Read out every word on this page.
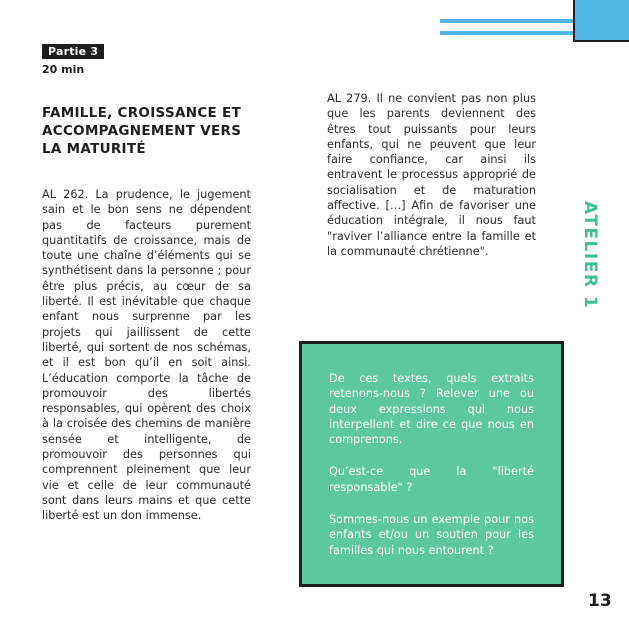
Partie 3
20 min
FAMILLE, CROISSANCE ET ACCOMPAGNEMENT VERS LA MATURITÉ
AL 262. La prudence, le jugement sain et le bon sens ne dépendent pas de facteurs purement quantitatifs de croissance, mais de toute une chaîne d’éléments qui se synthétisent dans la personne ; pour être plus précis, au cœur de sa liberté. Il est inévitable que chaque enfant nous surprenne par les projets qui jaillissent de cette liberté, qui sortent de nos schémas, et il est bon qu’il en soit ainsi. L’éducation comporte la tâche de promouvoir des libertés responsables, qui opèrent des choix à la croisée des chemins de manière sensée et intelligente, de promouvoir des personnes qui comprennent pleinement que leur vie et celle de leur communauté sont dans leurs mains et que cette liberté est un don immense.
AL 279. Il ne convient pas non plus que les parents deviennent des êtres tout puissants pour leurs enfants, qui ne peuvent que leur faire confiance, car ainsi ils entravent le processus approprié de socialisation et de maturation affective. […] Afin de favoriser une éducation intégrale, il nous faut "raviver l’alliance entre la famille et la communauté chrétienne".	ATELIER 1

De ces textes, quels extraits retenons-nous ? Relever une ou deux expressions qui nous interpellent et dire ce que nous en comprenons.

Qu’est-ce que la "liberté responsable" ?

Sommes-nous un exemple pour nos enfants et/ou un soutien pour les familles qui nous entourent ?

13
